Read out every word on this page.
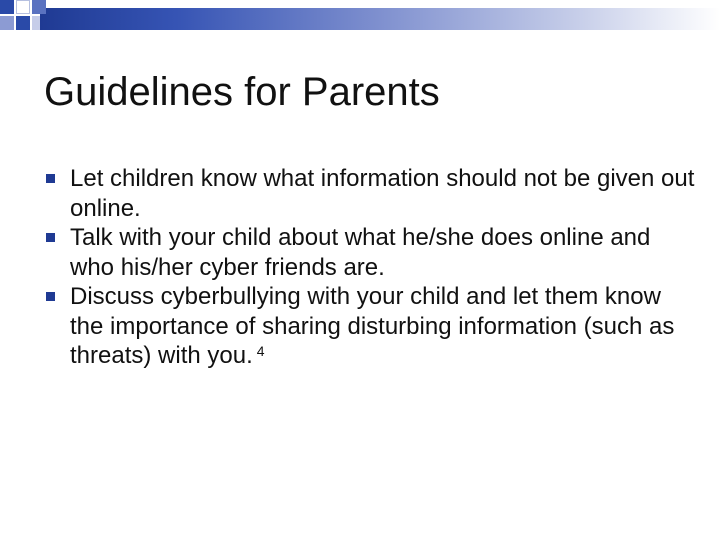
Guidelines for Parents
Let children know what information should not be given out online.
Talk with your child about what he/she does online and who his/her cyber friends are.
Discuss cyberbullying with your child and let them know the importance of sharing disturbing information (such as threats) with you. $^4$
